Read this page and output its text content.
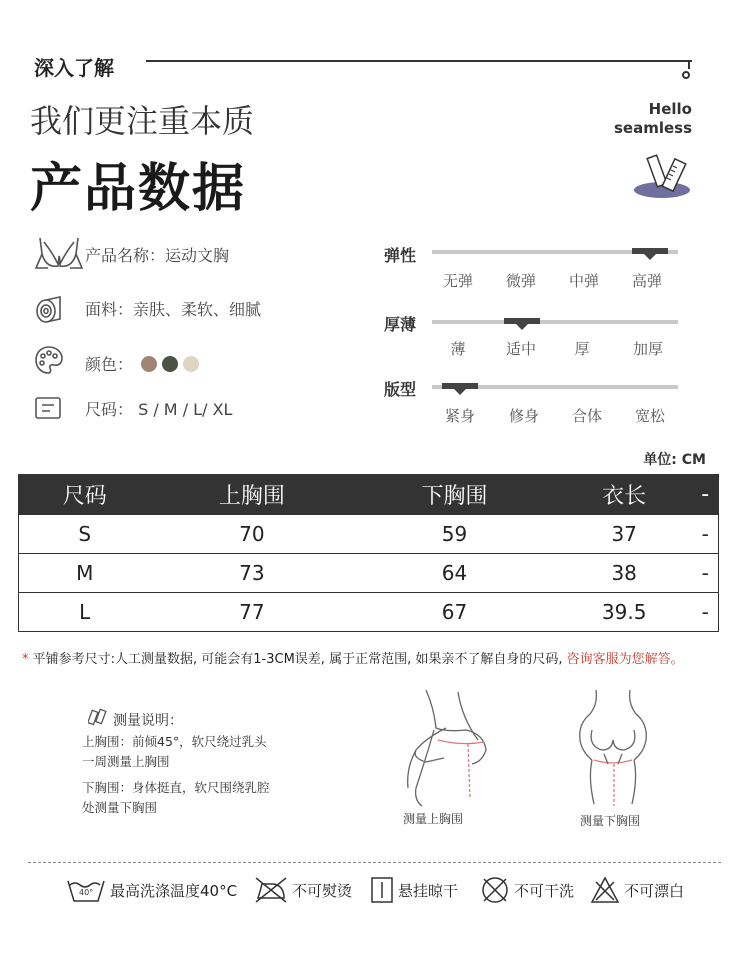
深入了解
我们更注重本质
产品数据
Hello
seamless
产品名称：运动文胸
面料：亲肤、柔软、细腻
颜色：
尺码： S / M / L/ XL
弹性
无弹	微弹	中弹	高弹
厚薄
薄	适中	厚	加厚
版型
紧身	修身	合体	宽松
单位: CM
尺码	上胸围	下胸围	衣长	-
S	70	59	37	-
M	73	64	38	-
L	77	67	39.5	-
* 平铺参考尺寸:人工测量数据, 可能会有1-3CM误差, 属于正常范围, 如果亲不了解自身的尺码, 咨询客服为您解答。
测量说明：
上胸围：前倾45°，软尺绕过乳头
一周测量上胸围
下胸围：身体挺直，软尺围绕乳腔
处测量下胸围
测量上胸围	测量下胸围
40° 最高洗涤温度40°C	不可熨烫	悬挂晾干	不可干洗	不可漂白
